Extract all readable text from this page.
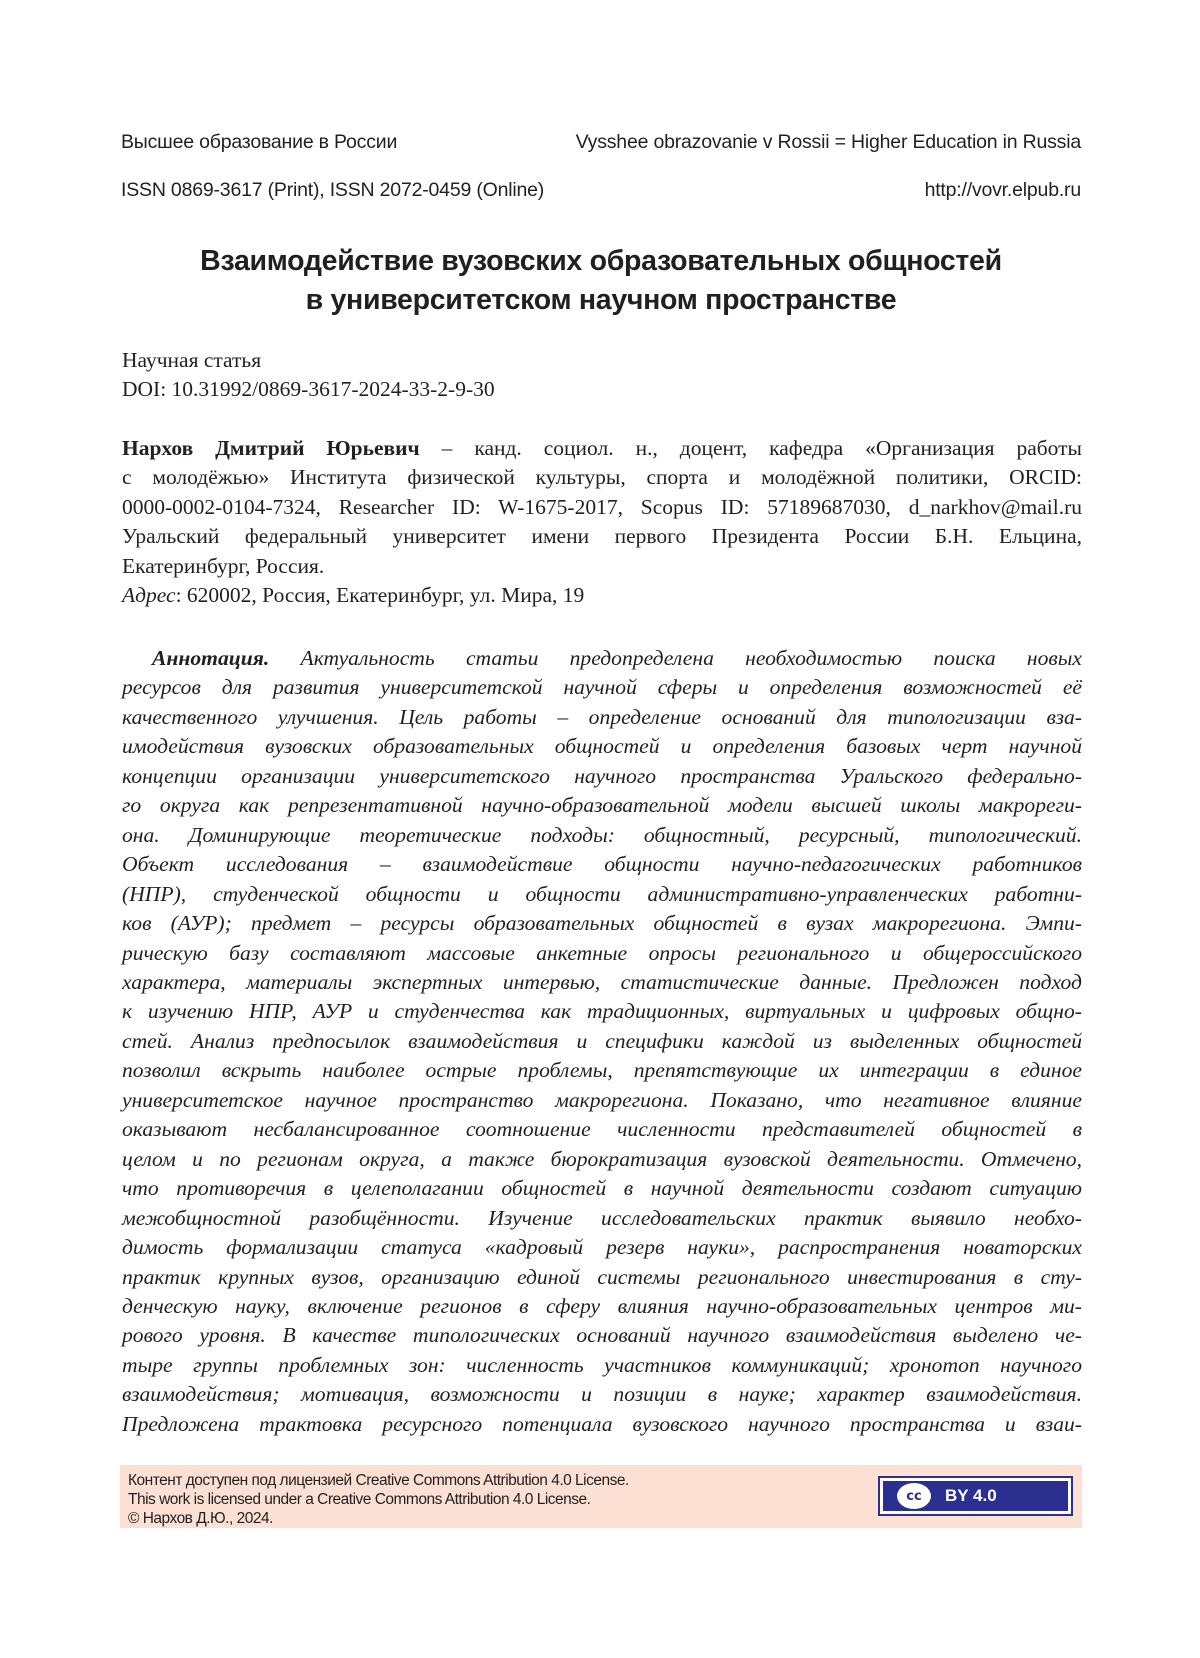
Высшее образование в России	Vysshee obrazovanie v Rossii = Higher Education in Russia
ISSN 0869-3617 (Print), ISSN 2072-0459 (Online)	http://vovr.elpub.ru
Взаимодействие вузовских образовательных общностей
в университетском научном пространстве
Научная статья
DOI: 10.31992/0869-3617-2024-33-2-9-30
Нархов Дмитрий Юрьевич – канд. социол. н., доцент, кафедра «Организация работы
с молодёжью» Института физической культуры, спорта и молодёжной политики, ORCID:
0000-0002-0104-7324, Researcher ID: W-1675-2017, Scopus ID: 57189687030, d_narkhov@mail.ru
Уральский федеральный университет имени первого Президента России Б.Н. Ельцина,
Екатеринбург, Россия.
Адрес: 620002, Россия, Екатеринбург, ул. Мира, 19
Аннотация. Актуальность статьи предопределена необходимостью поиска новых
ресурсов для развития университетской научной сферы и определения возможностей её
качественного улучшения. Цель работы – определение оснований для типологизации вза-
имодействия вузовских образовательных общностей и определения базовых черт научной
концепции организации университетского научного пространства Уральского федерально-
го округа как репрезентативной научно-образовательной модели высшей школы макрореги-
она. Доминирующие теоретические подходы: общностный, ресурсный, типологический.
Объект исследования – взаимодействие общности научно-педагогических работников
(НПР), студенческой общности и общности административно-управленческих работни-
ков (АУР); предмет – ресурсы образовательных общностей в вузах макрорегиона. Эмпи-
рическую базу составляют массовые анкетные опросы регионального и общероссийского
характера, материалы экспертных интервью, статистические данные. Предложен подход
к изучению НПР, АУР и студенчества как традиционных, виртуальных и цифровых общно-
стей. Анализ предпосылок взаимодействия и специфики каждой из выделенных общностей
позволил вскрыть наиболее острые проблемы, препятствующие их интеграции в единое
университетское научное пространство макрорегиона. Показано, что негативное влияние
оказывают несбалансированное соотношение численности представителей общностей в
целом и по регионам округа, а также бюрократизация вузовской деятельности. Отмечено,
что противоречия в целеполагании общностей в научной деятельности создают ситуацию
межобщностной разобщённости. Изучение исследовательских практик выявило необхо-
димость формализации статуса «кадровый резерв науки», распространения новаторских
практик крупных вузов, организацию единой системы регионального инвестирования в сту-
денческую науку, включение регионов в сферу влияния научно-образовательных центров ми-
рового уровня. В качестве типологических оснований научного взаимодействия выделено че-
тыре группы проблемных зон: численность участников коммуникаций; хронотоп научного
взаимодействия; мотивация, возможности и позиции в науке; характер взаимодействия.
Предложена трактовка ресурсного потенциала вузовского научного пространства и взаи-
Контент доступен под лицензией Creative Commons Attribution 4.0 License.
This work is licensed under a Creative Commons Attribution 4.0 License.
© Нархов Д.Ю., 2024.
cc	BY 4.0
